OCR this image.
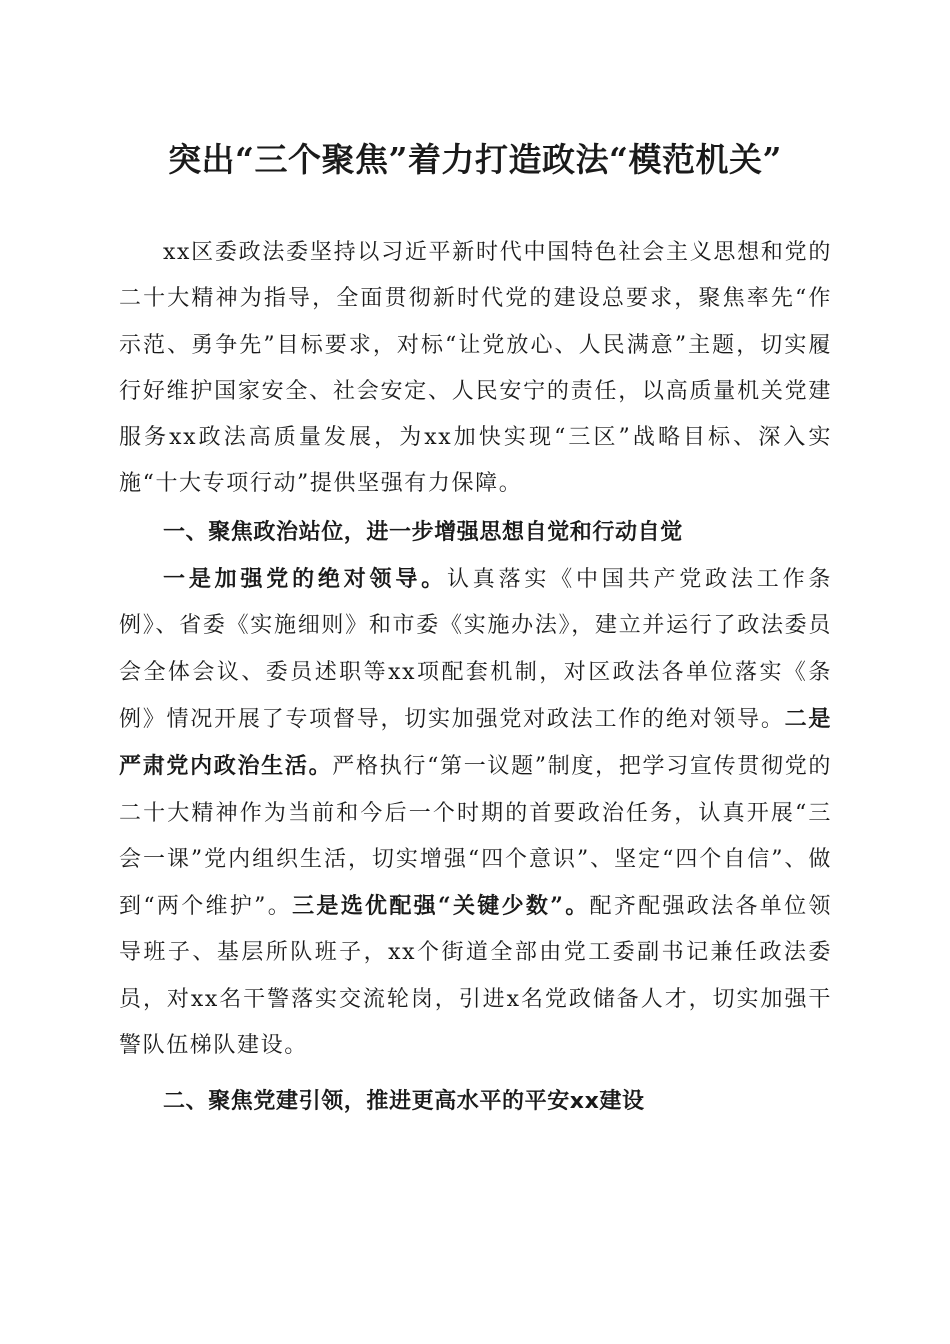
突出“三个聚焦”着力打造政法“模范机关”

xx区委政法委坚持以习近平新时代中国特色社会主义思想和党的二十大精神为指导，全面贯彻新时代党的建设总要求，聚焦率先“作示范、勇争先”目标要求，对标“让党放心、人民满意”主题，切实履行好维护国家安全、社会安定、人民安宁的责任，以高质量机关党建服务xx政法高质量发展，为xx加快实现“三区”战略目标、深入实施“十大专项行动”提供坚强有力保障。

一、聚焦政治站位，进一步增强思想自觉和行动自觉

一是加强党的绝对领导。认真落实《中国共产党政法工作条例》、省委《实施细则》和市委《实施办法》，建立并运行了政法委员会全体会议、委员述职等xx项配套机制，对区政法各单位落实《条例》情况开展了专项督导，切实加强党对政法工作的绝对领导。二是严肃党内政治生活。严格执行“第一议题”制度，把学习宣传贯彻党的二十大精神作为当前和今后一个时期的首要政治任务，认真开展“三会一课”党内组织生活，切实增强“四个意识”、坚定“四个自信”、做到“两个维护”。三是选优配强“关键少数”。配齐配强政法各单位领导班子、基层所队班子，xx个街道全部由党工委副书记兼任政法委员，对xx名干警落实交流轮岗，引进x名党政储备人才，切实加强干警队伍梯队建设。

二、聚焦党建引领，推进更高水平的平安xx建设
